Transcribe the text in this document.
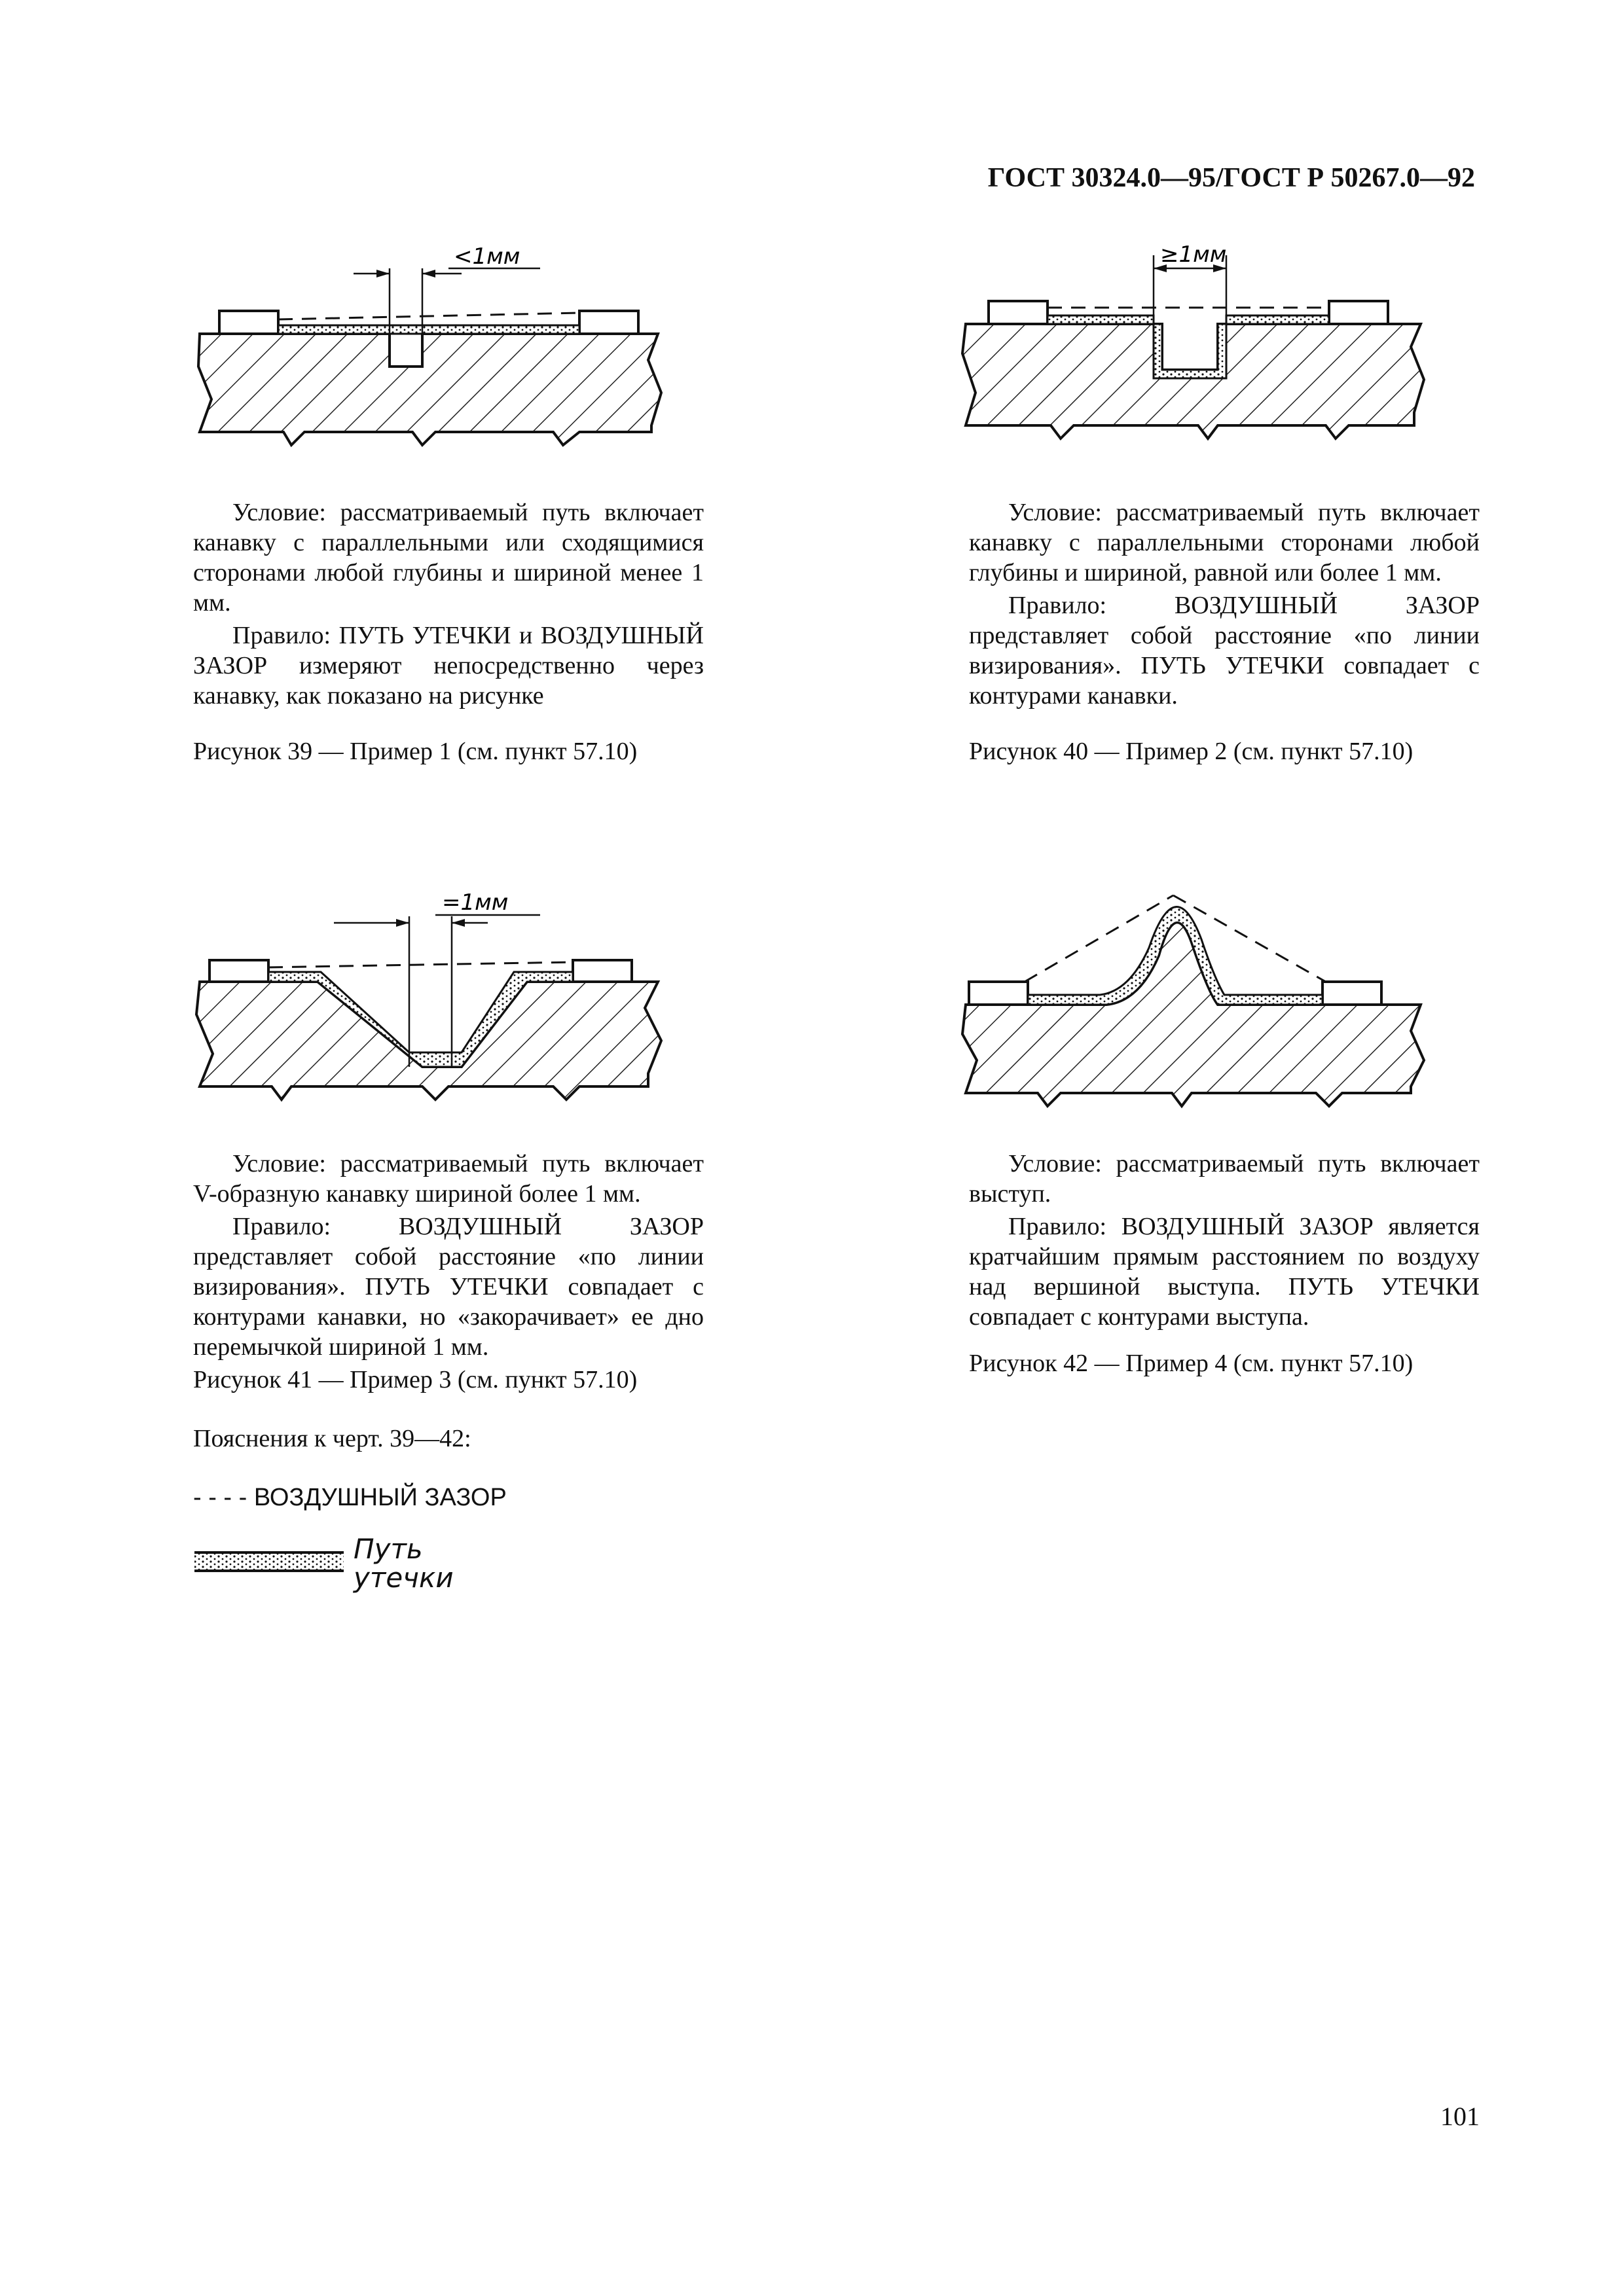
ГОСТ 30324.0—95/ГОСТ Р 50267.0—92
<1мм	≥1мм
=1мм

Условие: рассматриваемый путь включает канавку с параллельными или сходящимися сторонами любой глубины и шириной менее 1 мм.

Правило: ПУТЬ УТЕЧКИ и ВОЗДУШНЫЙ ЗАЗОР измеряют непосредственно через канавку, как показано на рисунке

Рисунок 39 — Пример 1 (см. пункт 57.10)

Условие: рассматриваемый путь включает канавку с параллельными сторонами любой глубины и шириной, равной или более 1 мм.

Правило: ВОЗДУШНЫЙ ЗАЗОР представляет собой расстояние «по линии визирования». ПУТЬ УТЕЧКИ совпадает с контурами канавки.

Рисунок 40 — Пример 2 (см. пункт 57.10)

Условие: рассматриваемый путь включает V-образную канавку шириной более 1 мм.

Правило: ВОЗДУШНЫЙ ЗАЗОР представляет собой расстояние «по линии визирования». ПУТЬ УТЕЧКИ совпадает с контурами канавки, но «закорачивает» ее дно перемычкой шириной 1 мм.

Рисунок 41 — Пример 3 (см. пункт 57.10)

Условие: рассматриваемый путь включает выступ.

Правило: ВОЗДУШНЫЙ ЗАЗОР является кратчайшим прямым расстоянием по воздуху над вершиной выступа. ПУТЬ УТЕЧКИ совпадает с контурами выступа.

Рисунок 42 — Пример 4 (см. пункт 57.10)
Пояснения к черт. 39—42:
- - - - ВОЗДУШНЫЙ ЗАЗОР
Путь
утечки
101
